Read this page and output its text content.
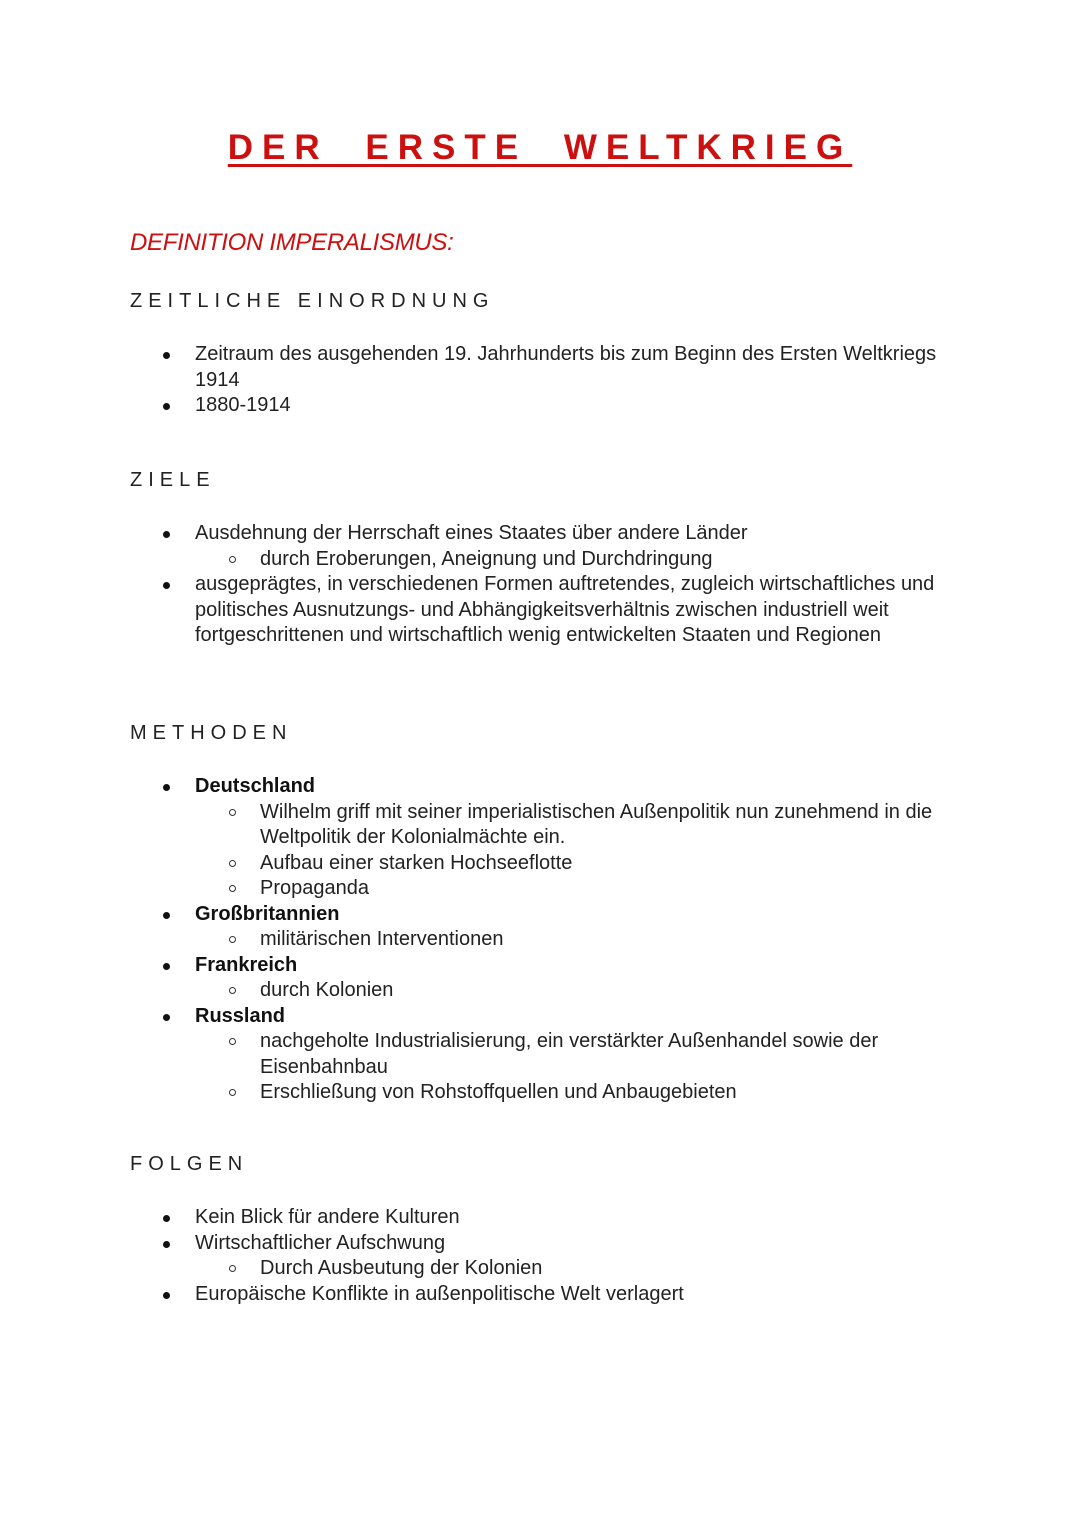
DER ERSTE WELTKRIEG
DEFINITION IMPERALISMUS:
ZEITLICHE EINORDNUNG
Zeitraum des ausgehenden 19. Jahrhunderts bis zum Beginn des Ersten Weltkriegs 1914
1880-1914
ZIELE
Ausdehnung der Herrschaft eines Staates über andere Länder
durch Eroberungen, Aneignung und Durchdringung
ausgeprägtes, in verschiedenen Formen auftretendes, zugleich wirtschaftliches und politisches Ausnutzungs- und Abhängigkeitsverhältnis zwischen industriell weit fortgeschrittenen und wirtschaftlich wenig entwickelten Staaten und Regionen
METHODEN
Deutschland
Wilhelm griff mit seiner imperialistischen Außenpolitik nun zunehmend in die Weltpolitik der Kolonialmächte ein.
Aufbau einer starken Hochseeflotte
Propaganda
Großbritannien
militärischen Interventionen
Frankreich
durch Kolonien
Russland
nachgeholte Industrialisierung, ein verstärkter Außenhandel sowie der Eisenbahnbau
Erschließung von Rohstoffquellen und Anbaugebieten
FOLGEN
Kein Blick für andere Kulturen
Wirtschaftlicher Aufschwung
Durch Ausbeutung der Kolonien
Europäische Konflikte in außenpolitische Welt verlagert
